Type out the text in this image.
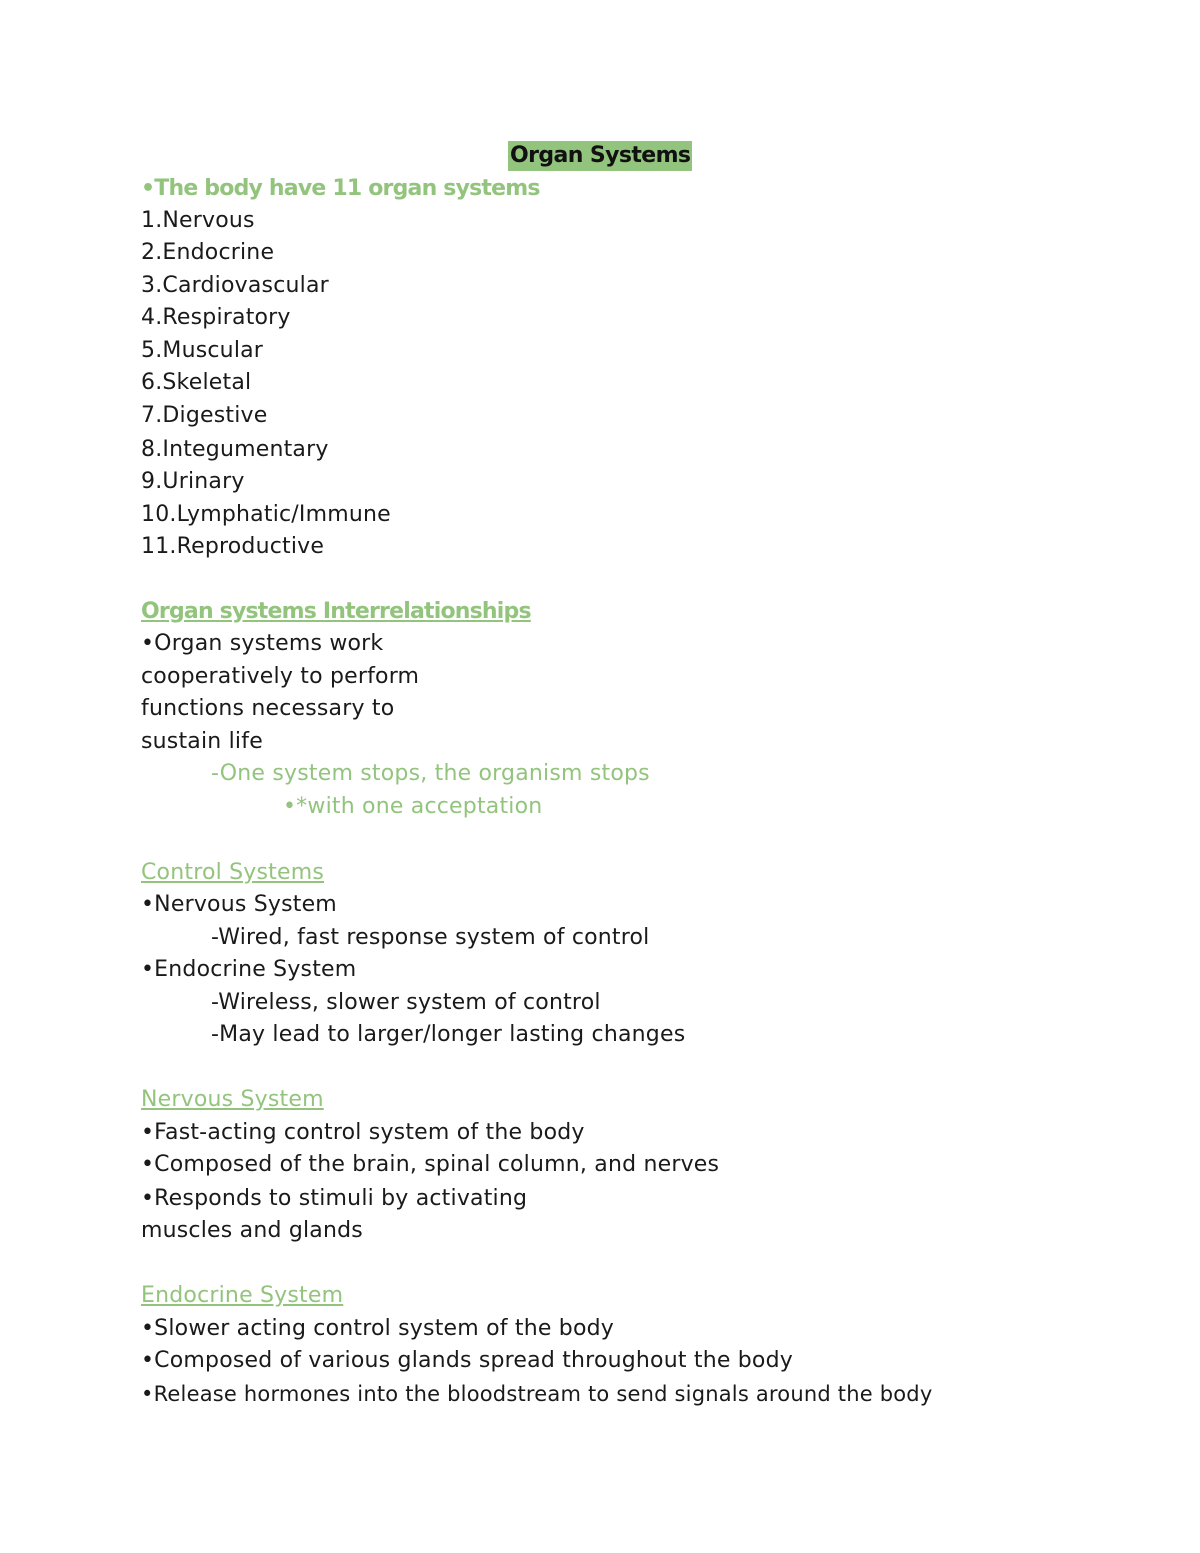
Organ Systems
•The body have 11 organ systems
1.Nervous
2.Endocrine
3.Cardiovascular
4.Respiratory
5.Muscular
6.Skeletal
7.Digestive
8.Integumentary
9.Urinary
10.Lymphatic/Immune
11.Reproductive
Organ systems Interrelationships
•Organ systems work
cooperatively to perform
functions necessary to
sustain life
-One system stops, the organism stops
•*with one acceptation
Control Systems
•Nervous System
-Wired, fast response system of control
•Endocrine System
-Wireless, slower system of control
-May lead to larger/longer lasting changes
Nervous System
•Fast-acting control system of the body
•Composed of the brain, spinal column, and nerves
•Responds to stimuli by activating
muscles and glands
Endocrine System
•Slower acting control system of the body
•Composed of various glands spread throughout the body
•Release hormones into the bloodstream to send signals around the body
